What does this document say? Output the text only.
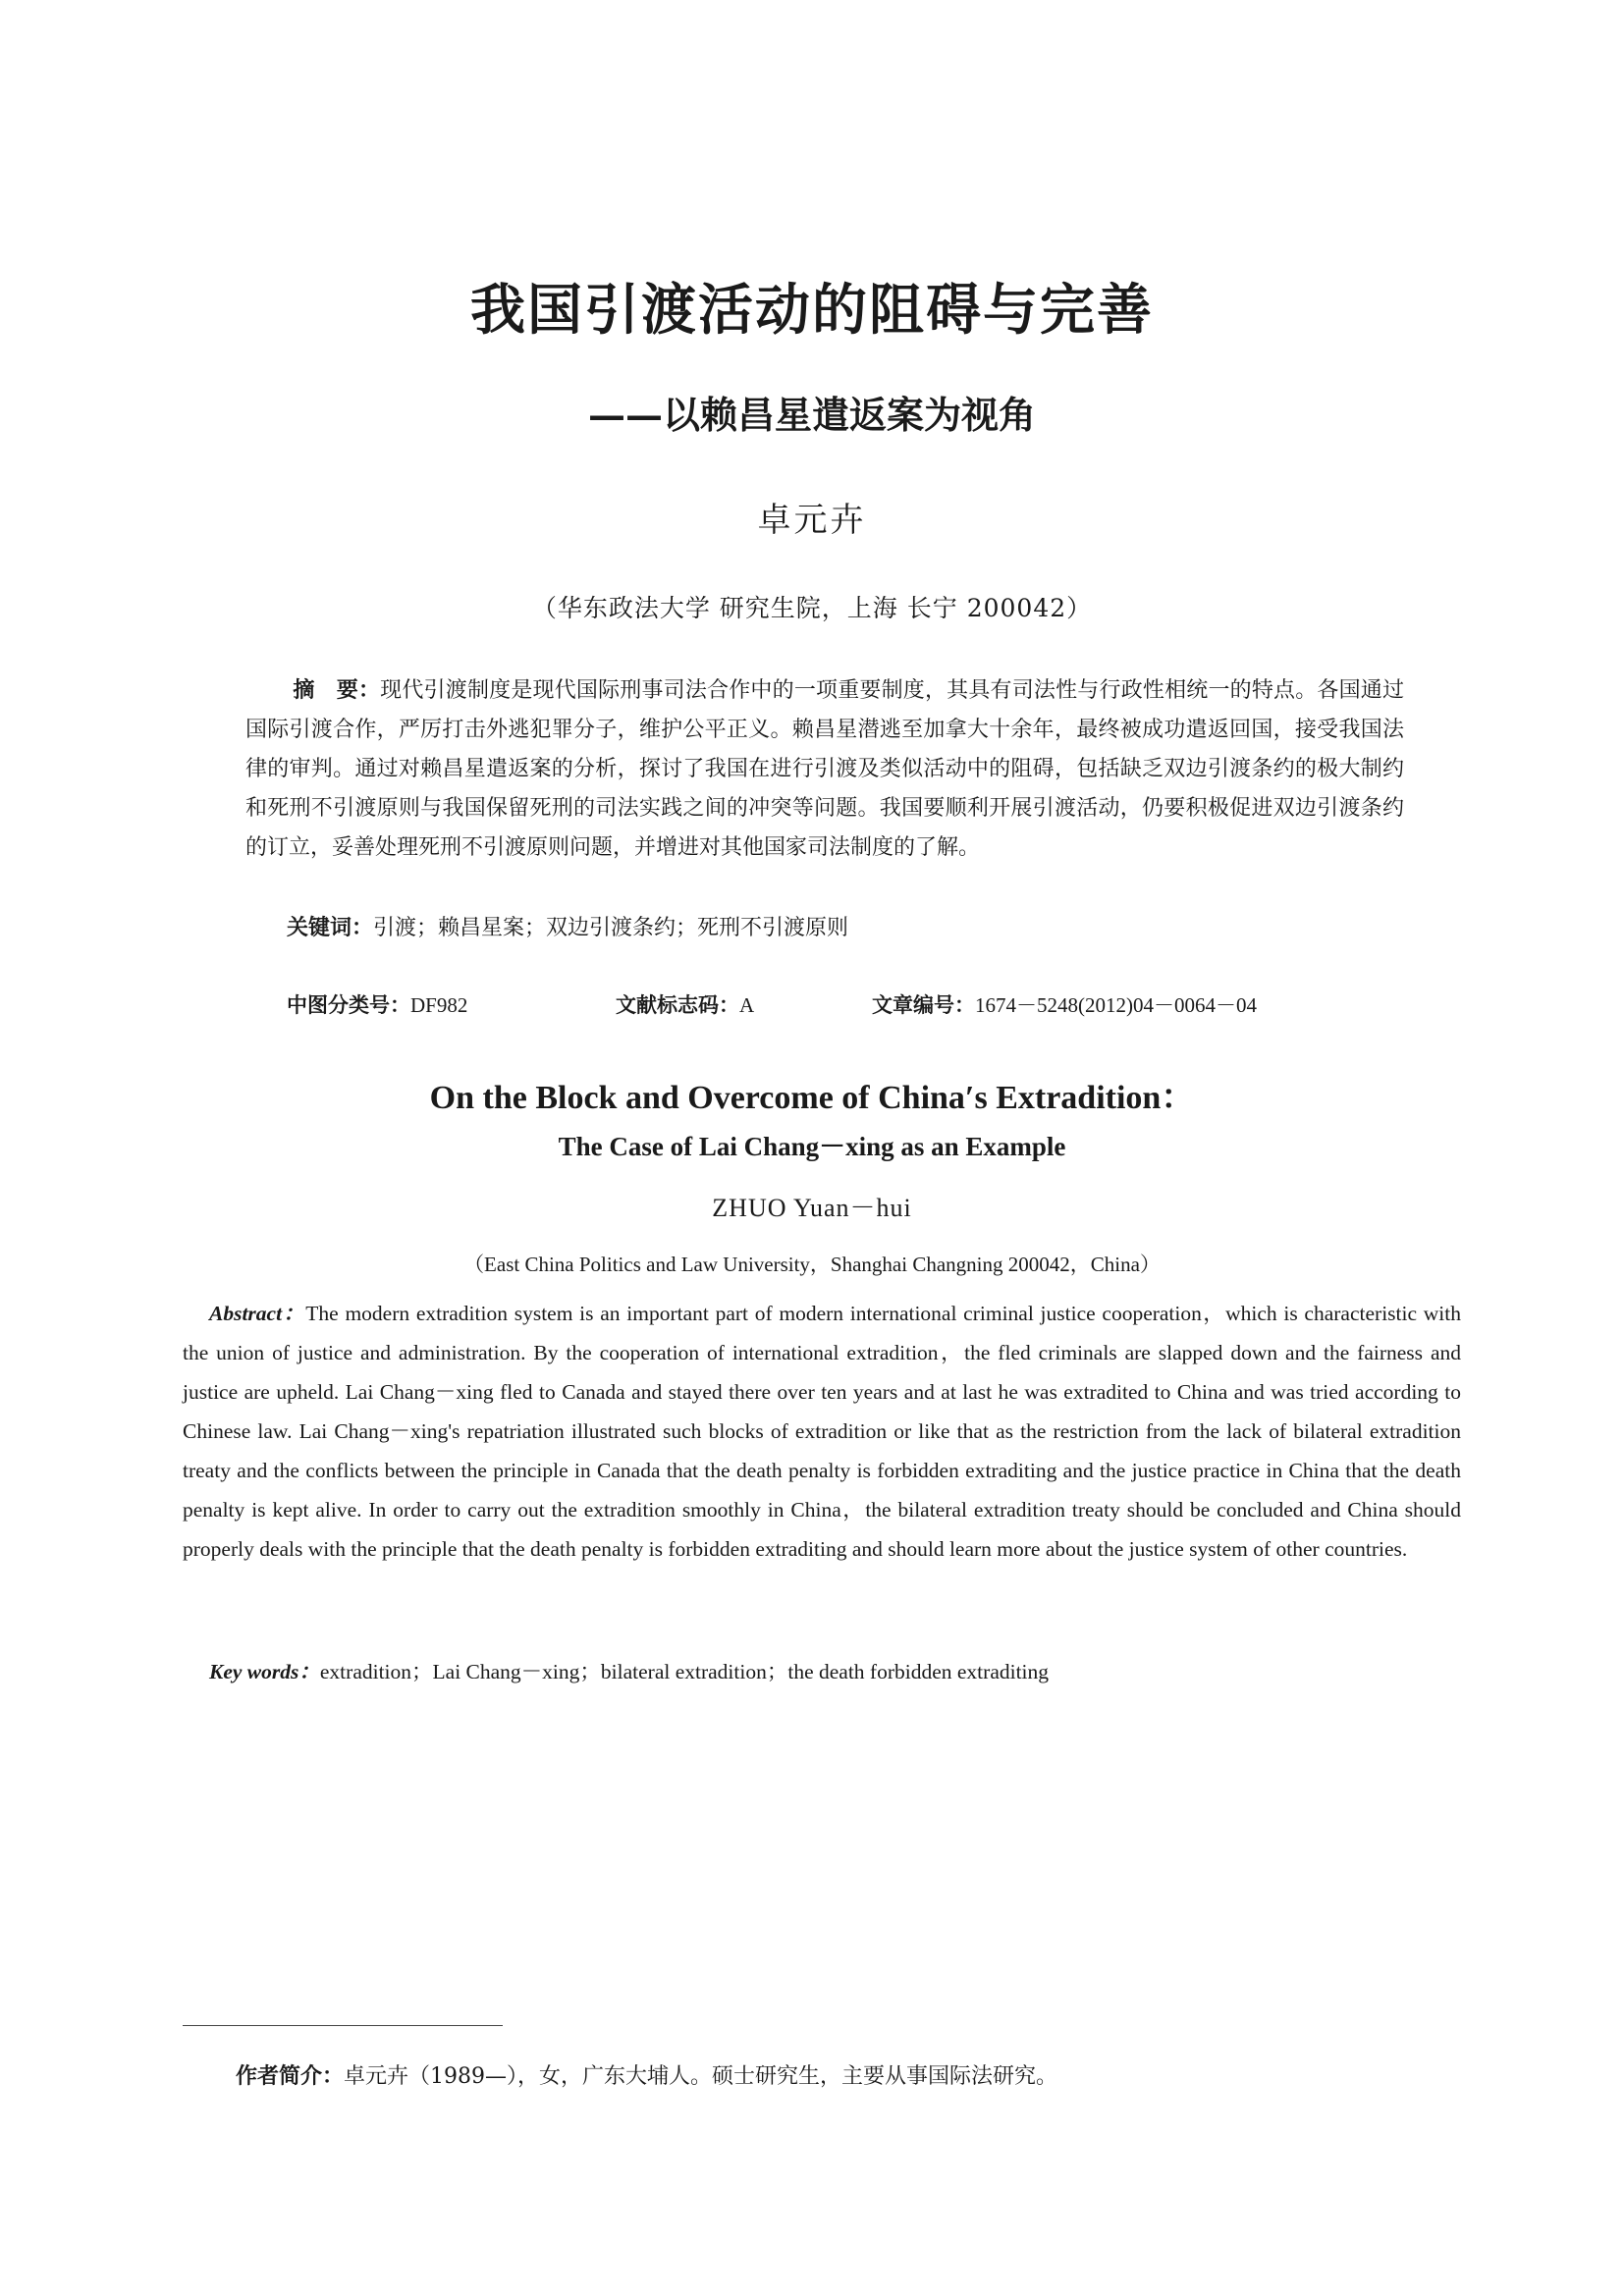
我国引渡活动的阻碍与完善
——以赖昌星遣返案为视角
卓元卉
（华东政法大学 研究生院，上海 长宁 200042）
摘　要：现代引渡制度是现代国际刑事司法合作中的一项重要制度，其具有司法性与行政性相统一的特点。各国通过国际引渡合作，严厉打击外逃犯罪分子，维护公平正义。赖昌星潜逃至加拿大十余年，最终被成功遣返回国，接受我国法律的审判。通过对赖昌星遣返案的分析，探讨了我国在进行引渡及类似活动中的阻碍，包括缺乏双边引渡条约的极大制约和死刑不引渡原则与我国保留死刑的司法实践之间的冲突等问题。我国要顺利开展引渡活动，仍要积极促进双边引渡条约的订立，妥善处理死刑不引渡原则问题，并增进对其他国家司法制度的了解。
关键词：引渡；赖昌星案；双边引渡条约；死刑不引渡原则
中图分类号：DF982	文献标志码：A	文章编号：1674－5248(2012)04－0064－04
On the Block and Overcome of China′s Extradition：
The Case of Lai Chang－xing as an Example
ZHUO Yuan－hui
（East China Politics and Law University，Shanghai Changning 200042，China）
Abstract：The modern extradition system is an important part of modern international criminal justice cooperation，which is characteristic with the union of justice and administration. By the cooperation of international extradition，the fled criminals are slapped down and the fairness and justice are upheld. Lai Chang－xing fled to Canada and stayed there over ten years and at last he was extradited to China and was tried according to Chinese law. Lai Chang－xing's repatriation illustrated such blocks of extradition or like that as the restriction from the lack of bilateral extradition treaty and the conflicts between the principle in Canada that the death penalty is forbidden extraditing and the justice practice in China that the death penalty is kept alive. In order to carry out the extradition smoothly in China，the bilateral extradition treaty should be concluded and China should properly deals with the principle that the death penalty is forbidden extraditing and should learn more about the justice system of other countries.
Key words：extradition；Lai Chang－xing；bilateral extradition；the death forbidden extraditing
作者简介：卓元卉（1989—），女，广东大埔人。硕士研究生，主要从事国际法研究。
